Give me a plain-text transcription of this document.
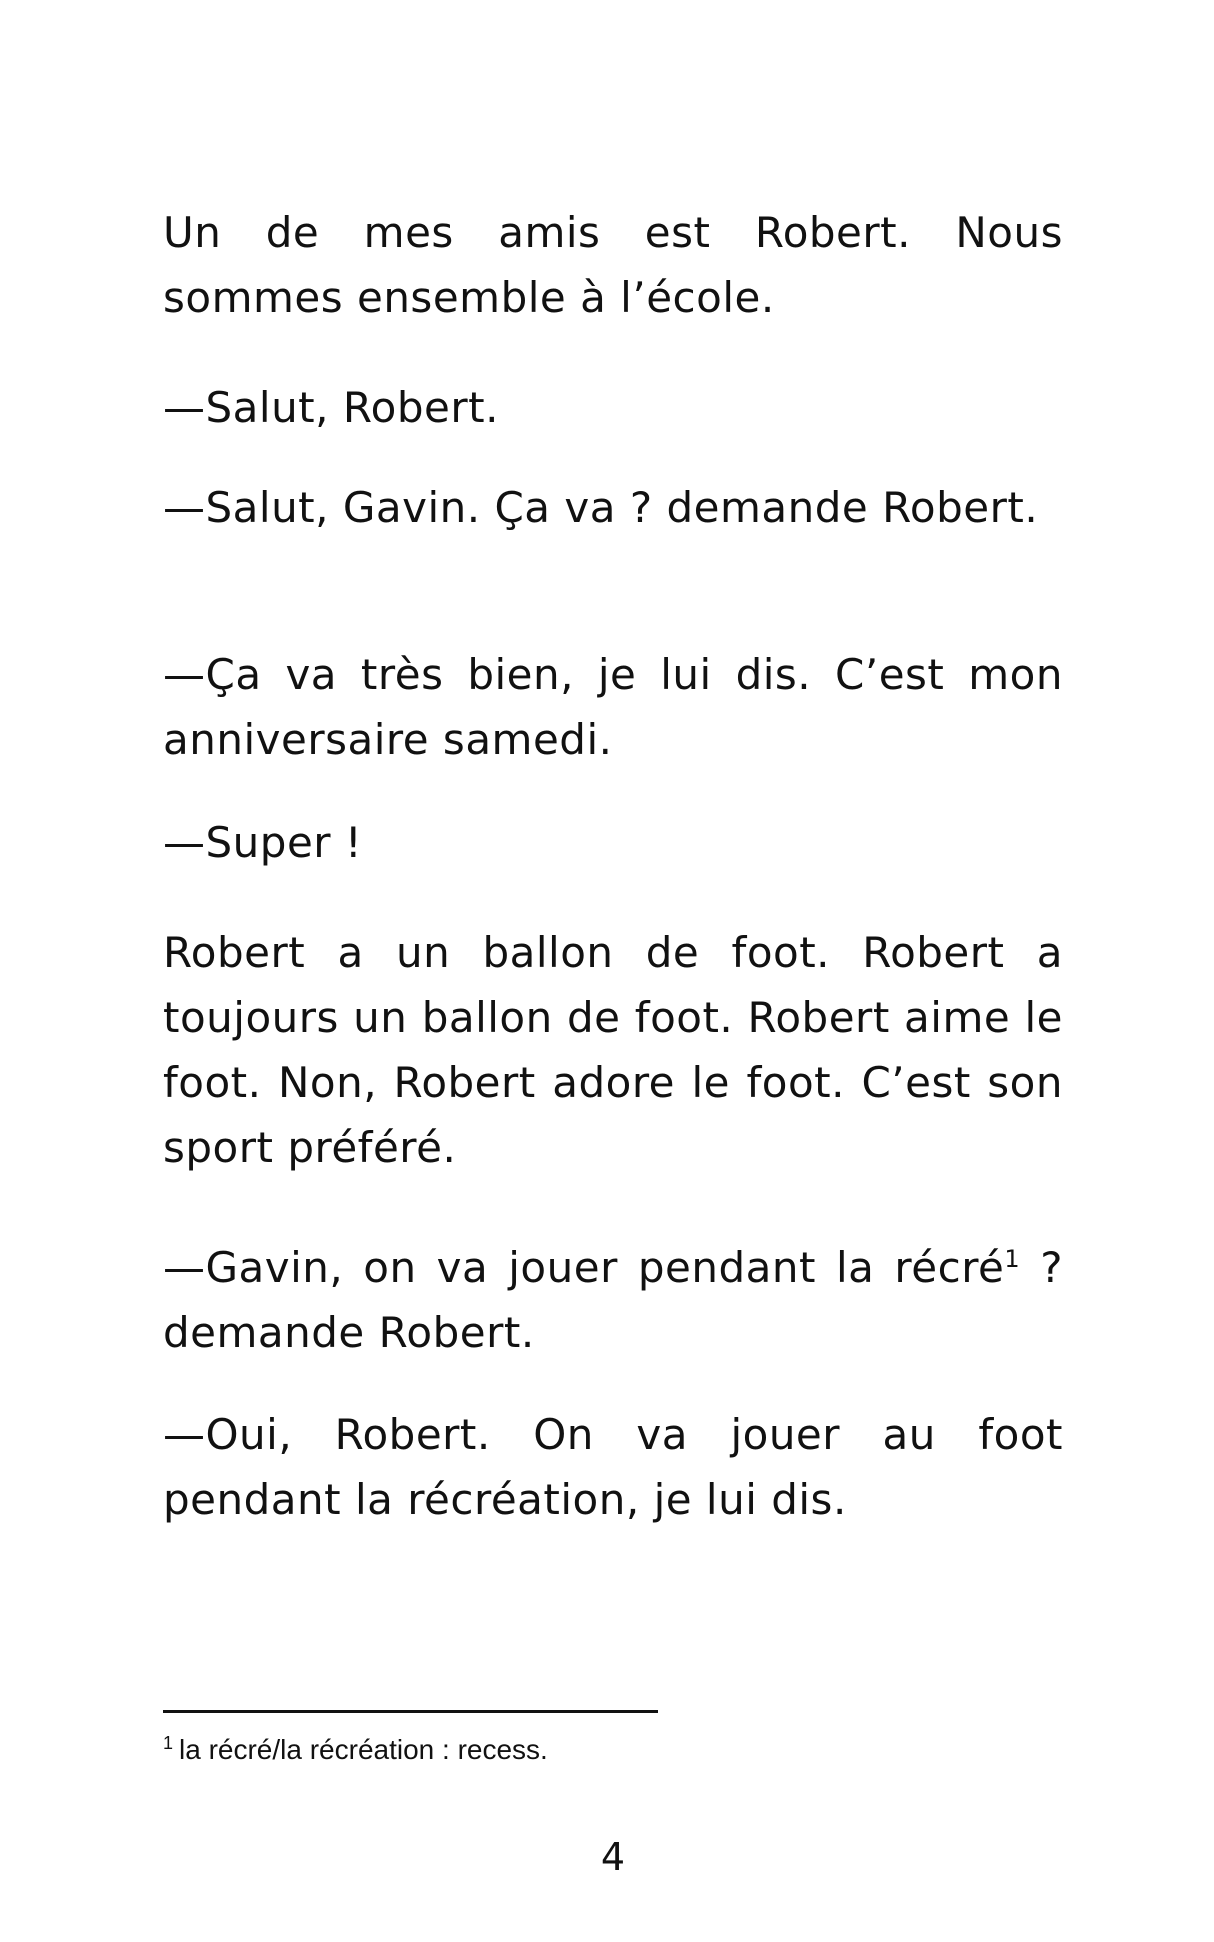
Un de mes amis est Robert. Nous sommes ensemble à l’école.

—Salut, Robert.

—Salut, Gavin. Ça va ? demande Robert.

—Ça va très bien, je lui dis. C’est mon anniversaire samedi.

—Super !

Robert a un ballon de foot. Robert a toujours un ballon de foot. Robert aime le foot. Non, Robert adore le foot. C’est son sport préféré.

—Gavin, on va jouer pendant la récré$^1$ ? demande Robert.

—Oui, Robert. On va jouer au foot pendant la récréation, je lui dis.

$^1$ la récré/la récréation : recess.
4
